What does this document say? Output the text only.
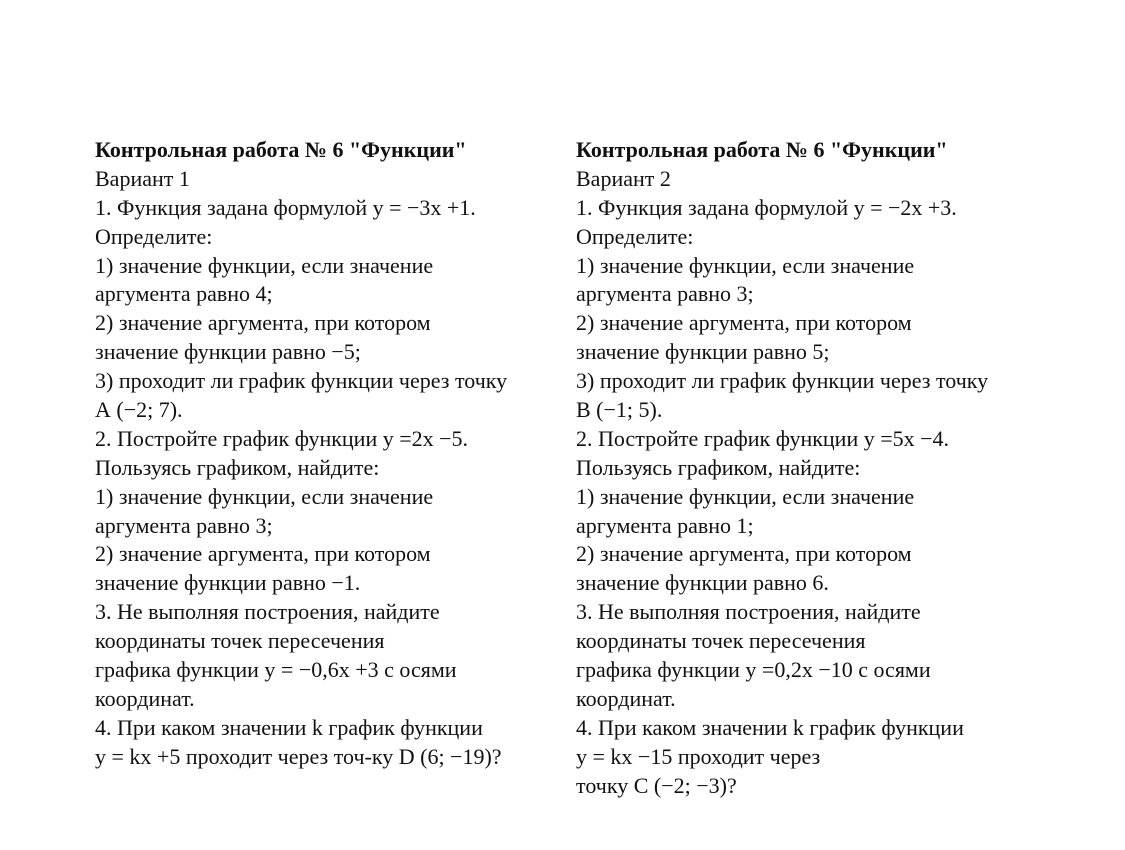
Контрольная работа № 6 "Функции"
Вариант 1
1. Функция задана формулой у = −3х +1.
Определите:
1) значение функции, если значение
аргумента равно 4;
2) значение аргумента, при котором
значение функции равно −5;
3) проходит ли график функции через точку
А (−2; 7).
2. Постройте график функции у =2х −5.
Пользуясь графиком, найдите:
1) значение функции, если значение
аргумента равно 3;
2) значение аргумента, при котором
значение функции равно −1.
3. Не выполняя построения, найдите
координаты точек пересечения
графика функции у = −0,6х +3 с осями
координат.
4. При каком значении k график функции
у = kх +5 проходит через точ-ку D (6; −19)?
Контрольная работа № 6 "Функции"
Вариант 2
1. Функция задана формулой у = −2х +3.
Определите:
1) значение функции, если значение
аргумента равно 3;
2) значение аргумента, при котором
значение функции равно 5;
3) проходит ли график функции через точку
В (−1; 5).
2. Постройте график функции у =5х −4.
Пользуясь графиком, найдите:
1) значение функции, если значение
аргумента равно 1;
2) значение аргумента, при котором
значение функции равно 6.
3. Не выполняя построения, найдите
координаты точек пересечения
графика функции у =0,2х −10 с осями
координат.
4. При каком значении k график функции
у = kх −15 проходит через
точку С (−2; −3)?
